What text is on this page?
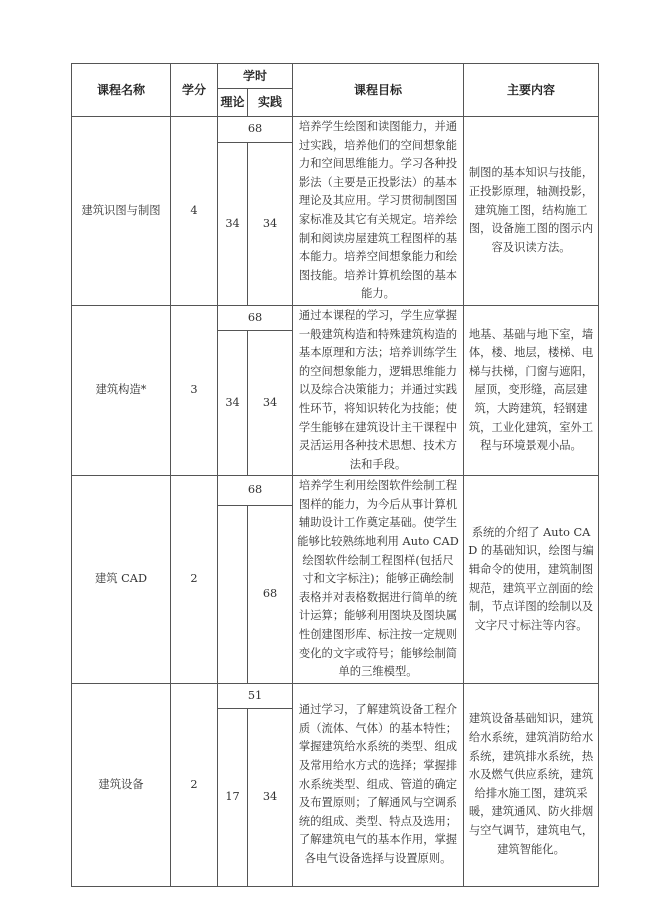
课程名称	学分	学时		课程目标	主要内容
		理论	实践		
建筑识图与制图	4	68		培养学生绘图和读图能力，并通过实践，培养他们的空间想象能力和空间思维能力。学习各种投影法（主要是正投影法）的基本理论及其应用。学习贯彻制图国家标准及其它有关规定。培养绘制和阅读房屋建筑工程图样的基本能力。培养空间想象能力和绘图技能。培养计算机绘图的基本能力。	制图的基本知识与技能，正投影原理，轴测投影，建筑施工图，结构施工图，设备施工图的图示内容及识读方法。
		34	34		
建筑构造*	3	68		通过本课程的学习，学生应掌握一般建筑构造和特殊建筑构造的基本原理和方法；培养训练学生的空间想象能力，逻辑思维能力以及综合决策能力；并通过实践性环节，将知识转化为技能；使学生能够在建筑设计主干课程中灵活运用各种技术思想、技术方法和手段。	地基、基础与地下室，墙体，楼、地层，楼梯、电梯与扶梯，门窗与遮阳，屋顶，变形缝，高层建筑，大跨建筑，轻钢建筑，工业化建筑，室外工程与环境景观小品。
		34	34		
建筑 CAD	2	68		培养学生利用绘图软件绘制工程图样的能力，为今后从事计算机辅助设计工作奠定基础。使学生能够比较熟练地利用 Auto CAD 绘图软件绘制工程图样(包括尺寸和文字标注)；能够正确绘制表格并对表格数据进行简单的统计运算；能够利用图块及图块属性创建图形库、标注按一定规则变化的文字或符号；能够绘制简单的三维模型。	系统的介绍了 Auto CAD 的基础知识，绘图与编辑命令的使用，建筑制图规范，建筑平立剖面的绘制，节点详图的绘制以及文字尺寸标注等内容。
			68		
建筑设备	2	51		通过学习，了解建筑设备工程介质（流体、气体）的基本特性；掌握建筑给水系统的类型、组成及常用给水方式的选择；掌握排水系统类型、组成、管道的确定及布置原则；了解通风与空调系统的组成、类型、特点及选用；了解建筑电气的基本作用，掌握各电气设备选择与设置原则。	建筑设备基础知识，建筑给水系统，建筑消防给水系统，建筑排水系统，热水及燃气供应系统，建筑给排水施工图，建筑采暖，建筑通风、防火排烟与空气调节，建筑电气，建筑智能化。
		17	34		
